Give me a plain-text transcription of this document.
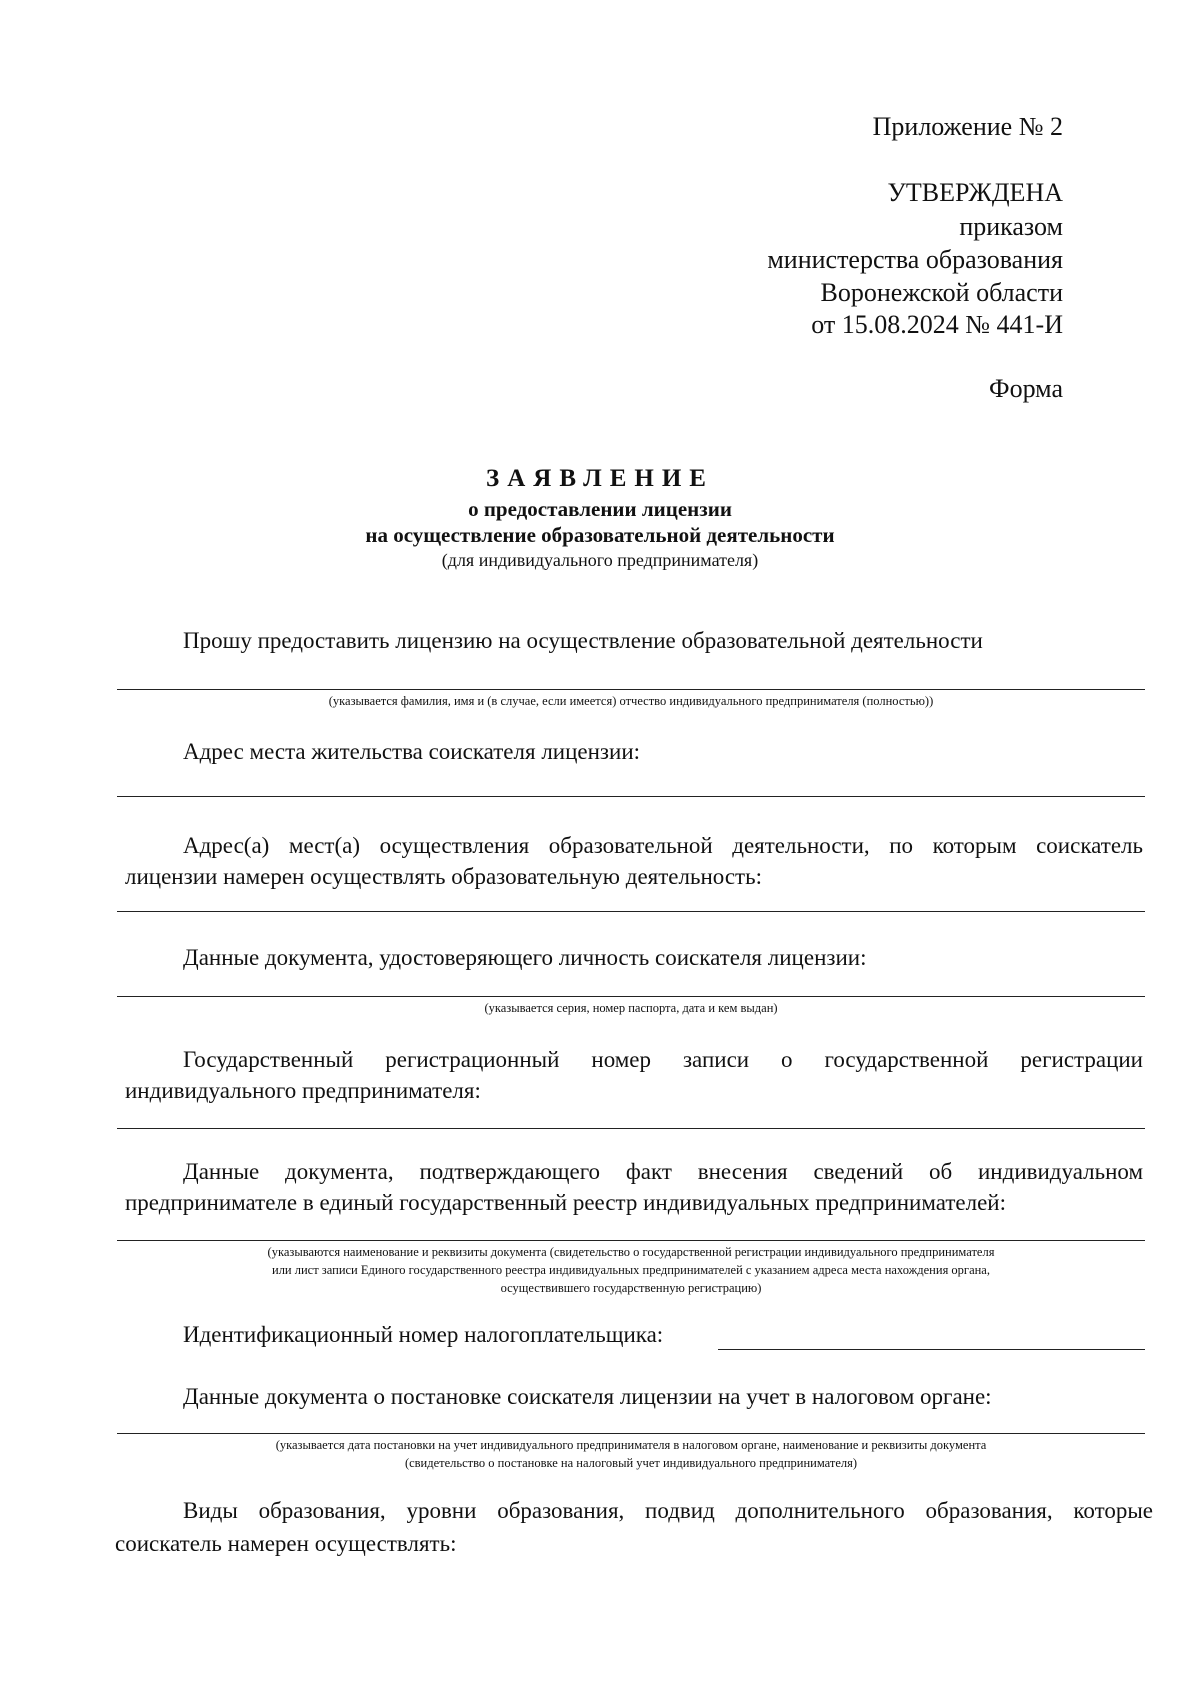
Приложение № 2
УТВЕРЖДЕНА
приказом
министерства образования
Воронежской области
от 15.08.2024 № 441-И
Форма
ЗАЯВЛЕНИЕ
о предоставлении лицензии
на осуществление образовательной деятельности
(для индивидуального предпринимателя)
Прошу предоставить лицензию на осуществление образовательной деятельности
(указывается фамилия, имя и (в случае, если имеется) отчество индивидуального предпринимателя (полностью))
Адрес места жительства соискателя лицензии:
Адрес(а) мест(а) осуществления образовательной деятельности, по которым соискатель
лицензии намерен осуществлять образовательную деятельность:
Данные документа, удостоверяющего личность соискателя лицензии:
(указывается серия, номер паспорта, дата и кем выдан)
Государственный регистрационный номер записи о государственной регистрации
индивидуального предпринимателя:
Данные документа, подтверждающего факт внесения сведений об индивидуальном
предпринимателе в единый государственный реестр индивидуальных предпринимателей:
(указываются наименование и реквизиты документа (свидетельство о государственной регистрации индивидуального предпринимателя
или лист записи Единого государственного реестра индивидуальных предпринимателей с указанием адреса места нахождения органа,
осуществившего государственную регистрацию)
Идентификационный номер налогоплательщика:
Данные документа о постановке соискателя лицензии на учет в налоговом органе:
(указывается дата постановки на учет индивидуального предпринимателя в налоговом органе, наименование и реквизиты документа
(свидетельство о постановке на налоговый учет индивидуального предпринимателя)
Виды образования, уровни образования, подвид дополнительного образования, которые
соискатель намерен осуществлять:
